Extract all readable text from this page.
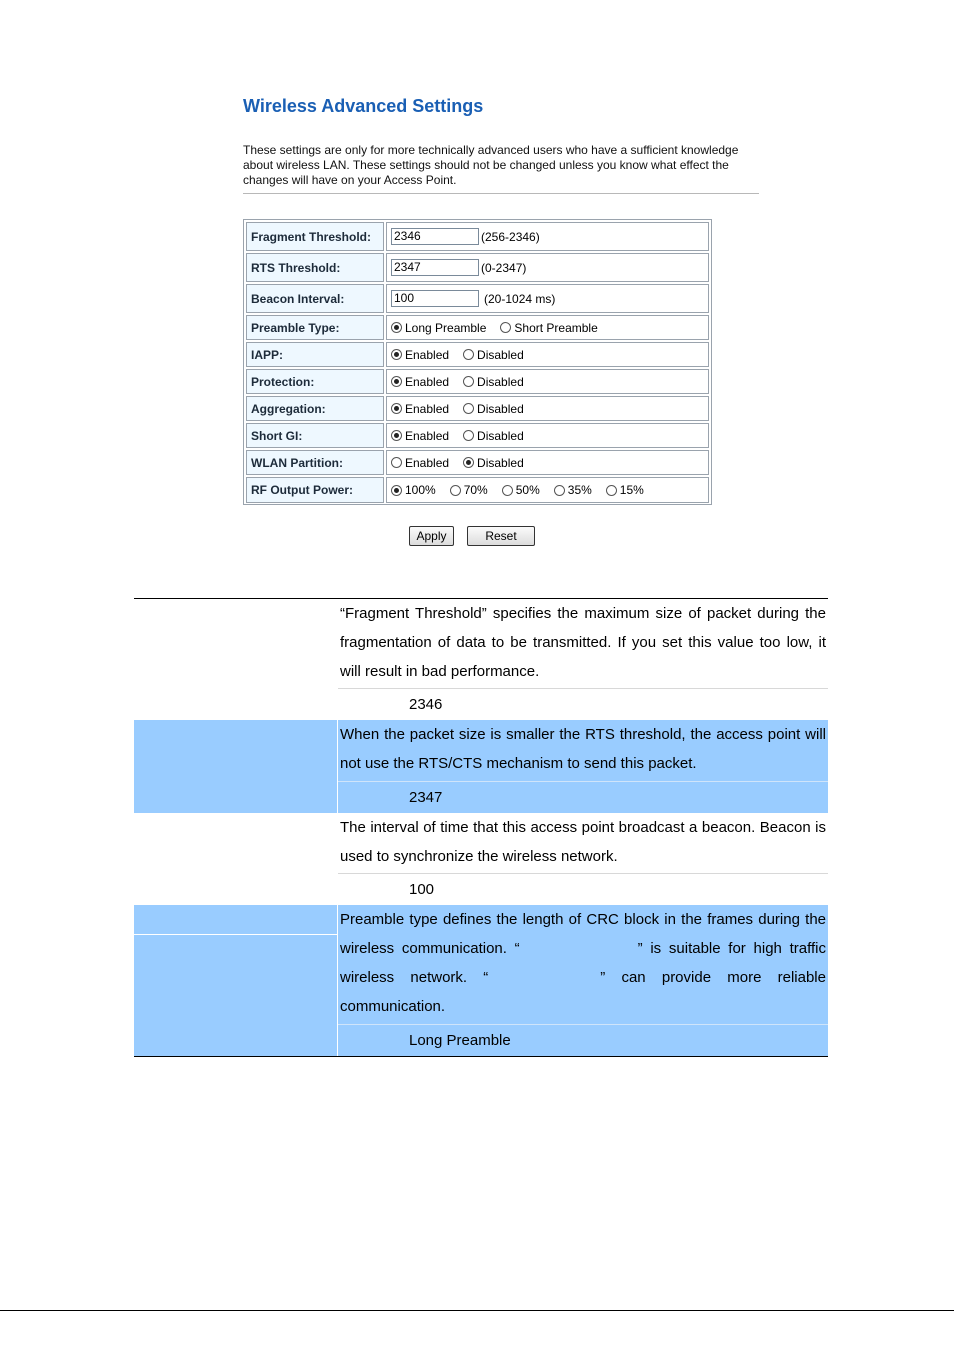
Wireless Advanced Settings
These settings are only for more technically advanced users who have a sufficient knowledge about wireless LAN. These settings should not be changed unless you know what effect the changes will have on your Access Point.
Fragment Threshold:	2346	(256-2346)
RTS Threshold:	2347	(0-2347)
Beacon Interval:	100	(20-1024 ms)
Preamble Type:	Long Preamble Short Preamble
IAPP:	Enabled Disabled
Protection:	Enabled Disabled
Aggregation:	Enabled Disabled
Short GI:	Enabled Disabled
WLAN Partition:	Enabled Disabled
RF Output Power:	100% 70% 50% 35% 15%
Apply	Reset
“Fragment Threshold” specifies the maximum size of packet during the fragmentation of data to be transmitted. If you set this value too low, it will result in bad performance.
2346
When the packet size is smaller the RTS threshold, the access point will not use the RTS/CTS mechanism to send this packet.
2347
The interval of time that this access point broadcast a beacon. Beacon is used to synchronize the wireless network.
100
Preamble type defines the length of CRC block in the frames during the wireless communication. “	” is suitable for high traffic wireless network. “	” can provide more reliable communication.
Long Preamble
